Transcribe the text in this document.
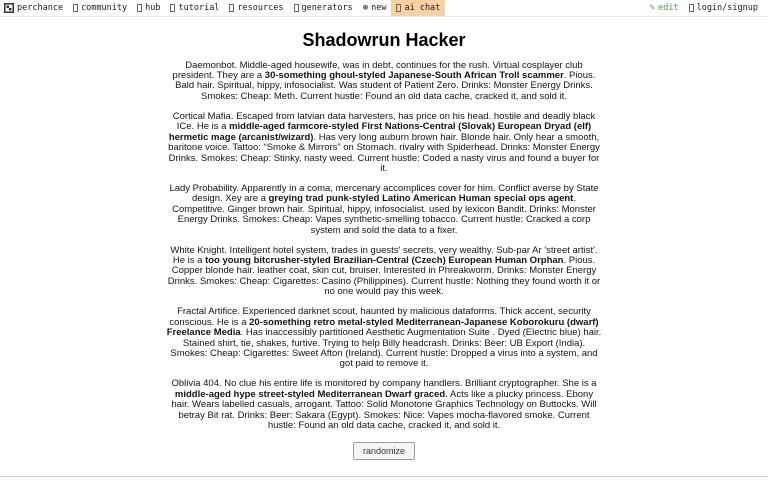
perchance community hub tutorial resources generators ⊕ new ai chat	✎ edit login/signup
Shadowrun Hacker

Daemonbot. Middle-aged housewife, was in debt, continues for the rush. Virtual cosplayer club president. They are a 30-something ghoul-styled Japanese-South African Troll scammer. Pious. Bald hair. Spiritual, hippy, infosocialist. Was student of Patient Zero. Drinks: Monster Energy Drinks. Smokes: Cheap: Meth. Current hustle: Found an old data cache, cracked it, and sold it.

Cortical Mafia. Escaped from latvian data harvesters, has price on his head. hostile and deadly black ICe. He is a middle-aged farmcore-styled First Nations-Central (Slovak) European Dryad (elf) hermetic mage (arcanist/wizard). Has very long auburn brown hair. Blonde hair. Only hear a smooth, baritone voice. Tattoo: “Smoke & Mirrors” on Stomach. rivalry with Spiderhead. Drinks: Monster Energy Drinks. Smokes: Cheap: Stinky, nasty weed. Current hustle: Coded a nasty virus and found a buyer for it.

Lady Probability. Apparently in a coma, mercenary accomplices cover for him. Conflict averse by State design. Xey are a greying trad punk-styled Latino American Human special ops agent. Competitive. Ginger brown hair. Spiritual, hippy, infosocialist. used by lexicon Bandit. Drinks: Monster Energy Drinks. Smokes: Cheap: Vapes synthetic-smelling tobacco. Current hustle: Cracked a corp system and sold the data to a fixer.

White Knight. Intelligent hotel system, trades in guests' secrets, very wealthy. Sub-par Ar 'street artist'. He is a too young bitcrusher-styled Brazilian-Central (Czech) European Human Orphan. Pious. Copper blonde hair. leather coat, skin cut, bruiser. Interested in Phreakworm. Drinks: Monster Energy Drinks. Smokes: Cheap: Cigarettes: Casino (Philippines). Current hustle: Nothing they found worth it or no one would pay this week.

Fractal Artifice. Experienced darknet scout, haunted by malicious dataforms. Thick accent, security conscious. He is a 20-something retro metal-styled Mediterranean-Japanese Koborokuru (dwarf) Freelance Media. Has inaccessibly partitioned Aesthetic Augmentation Suite . Dyed (Electric blue) hair. Stained shirt, tie, shakes, furtive. Trying to help Billy headcrash. Drinks: Beer: UB Export (India). Smokes: Cheap: Cigarettes: Sweet Afton (Ireland). Current hustle: Dropped a virus into a system, and got paid to remove it.

Oblivia 404. No clue his entire life is monitored by company handlers. Brilliant cryptographer. She is a middle-aged hype street-styled Mediterranean Dwarf graced. Acts like a plucky princess. Ebony hair. Wears labelled casuals, arrogant. Tattoo: Solid Monotone Graphics Technology on Buttocks. Will betray Bit rat. Drinks: Beer: Sakara (Egypt). Smokes: Nice: Vapes mocha-flavored smoke. Current hustle: Found an old data cache, cracked it, and sold it.

randomize
